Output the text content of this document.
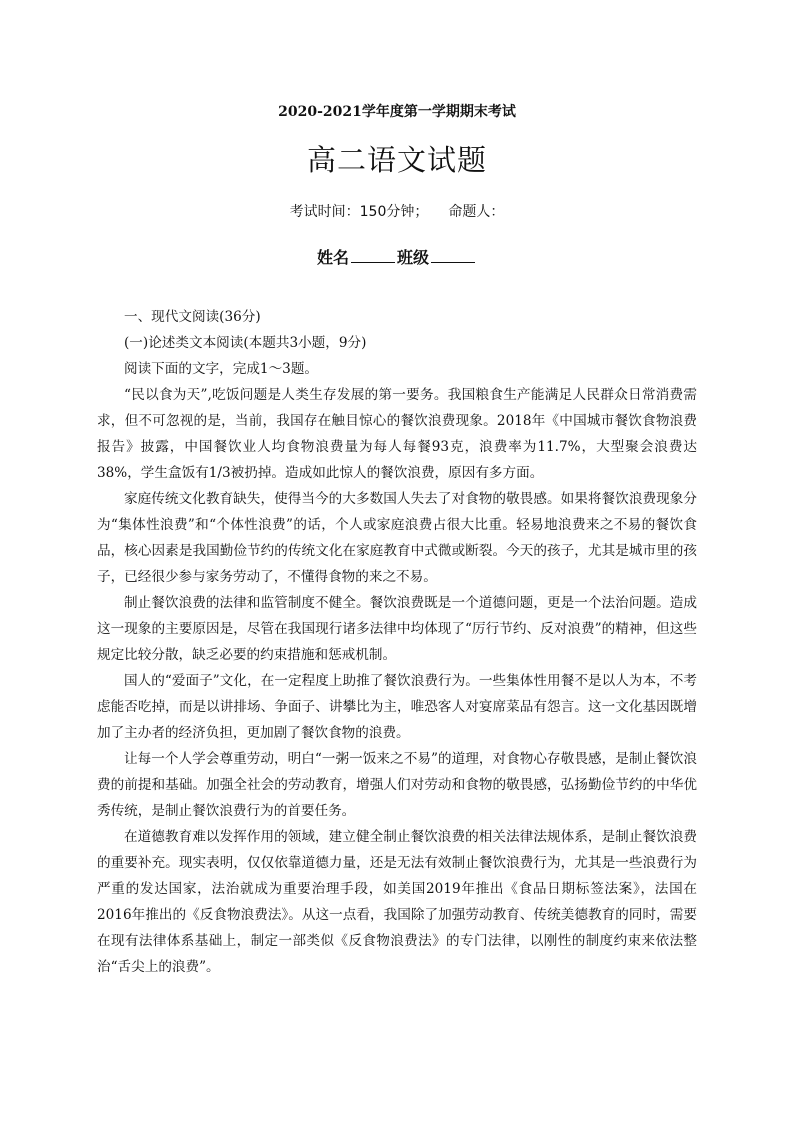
2020-2021学年度第一学期期末考试
高二语文试题
考试时间：150分钟； 命题人：
姓名	班级

一、现代文阅读(36分)

(一)论述类文本阅读(本题共3小题，9分)

阅读下面的文字，完成1～3题。

“民以食为天”,吃饭问题是人类生存发展的第一要务。我国粮食生产能满足人民群众日常消费需求，但不可忽视的是，当前，我国存在触目惊心的餐饮浪费现象。2018年《中国城市餐饮食物浪费报告》披露，中国餐饮业人均食物浪费量为每人每餐93克，浪费率为11.7%，大型聚会浪费达38%，学生盒饭有1/3被扔掉。造成如此惊人的餐饮浪费，原因有多方面。

家庭传统文化教育缺失，使得当今的大多数国人失去了对食物的敬畏感。如果将餐饮浪费现象分为“集体性浪费”和“个体性浪费”的话，个人或家庭浪费占很大比重。轻易地浪费来之不易的餐饮食品，核心因素是我国勤俭节约的传统文化在家庭教育中式微或断裂。今天的孩子，尤其是城市里的孩子，已经很少参与家务劳动了，不懂得食物的来之不易。

制止餐饮浪费的法律和监管制度不健全。餐饮浪费既是一个道德问题，更是一个法治问题。造成这一现象的主要原因是，尽管在我国现行诸多法律中均体现了“厉行节约、反对浪费”的精神，但这些规定比较分散，缺乏必要的约束措施和惩戒机制。

国人的“爱面子”文化，在一定程度上助推了餐饮浪费行为。一些集体性用餐不是以人为本，不考虑能否吃掉，而是以讲排场、争面子、讲攀比为主，唯恐客人对宴席菜品有怨言。这一文化基因既增加了主办者的经济负担，更加剧了餐饮食物的浪费。

让每一个人学会尊重劳动，明白“一粥一饭来之不易”的道理，对食物心存敬畏感，是制止餐饮浪费的前提和基础。加强全社会的劳动教育，增强人们对劳动和食物的敬畏感，弘扬勤俭节约的中华优秀传统，是制止餐饮浪费行为的首要任务。

在道德教育难以发挥作用的领域，建立健全制止餐饮浪费的相关法律法规体系，是制止餐饮浪费的重要补充。现实表明，仅仅依靠道德力量，还是无法有效制止餐饮浪费行为，尤其是一些浪费行为严重的发达国家，法治就成为重要治理手段，如美国2019年推出《食品日期标签法案》，法国在2016年推出的《反食物浪费法》。从这一点看，我国除了加强劳动教育、传统美德教育的同时，需要在现有法律体系基础上，制定一部类似《反食物浪费法》的专门法律，以刚性的制度约束来依法整治“舌尖上的浪费”。
